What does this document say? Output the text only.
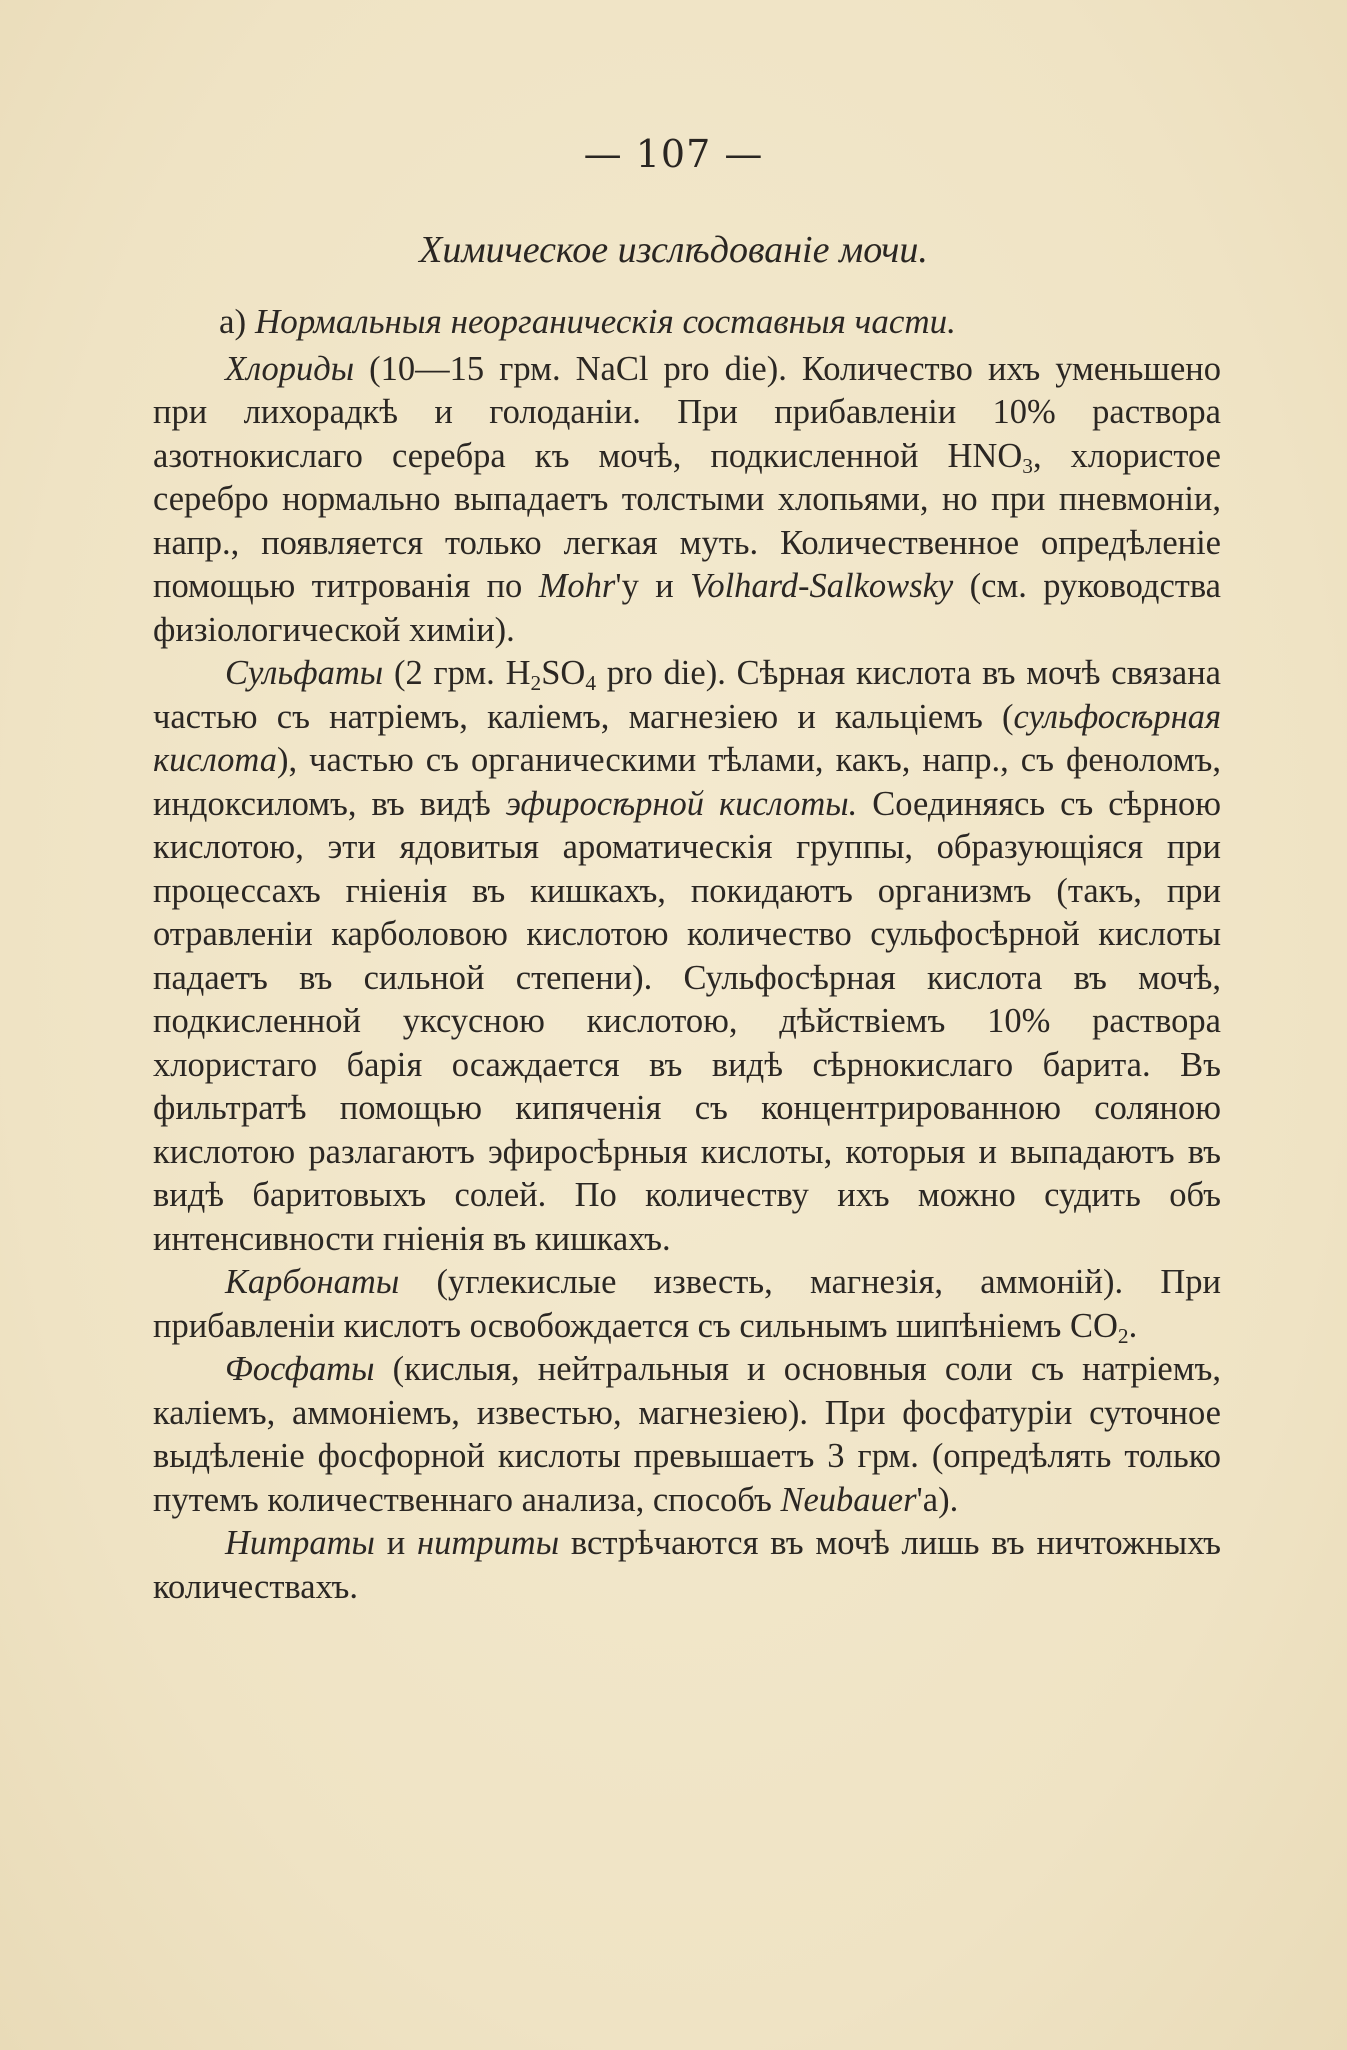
— 107 —
Химическое изслѣдованіе мочи.

a) Нормальныя неорганическія составныя части.

Хлориды (10—15 грм. NaCl pro die). Количество ихъ уменьшено при лихорадкѣ и голоданіи. При прибавленіи 10% раствора азотнокислаго серебра къ мочѣ, подкисленной $HNO_3$, хлористое серебро нормально выпадаетъ толстыми хлопьями, но при пневмоніи, напр., появляется только легкая муть. Количественное опредѣленіе помощью титрованія по Mohr'у и Volhard-Salkowsky (см. руководства физіологической химіи).

Сульфаты (2 грм. $H_2SO_4$ pro die). Сѣрная кислота въ мочѣ связана частью съ натріемъ, каліемъ, магнезіею и кальціемъ (сульфосѣрная кислота), частью съ органическими тѣлами, какъ, напр., съ феноломъ, индоксиломъ, въ видѣ эфиросѣрной кислоты. Соединяясь съ сѣрною кислотою, эти ядовитыя ароматическія группы, образующіяся при процессахъ гніенія въ кишкахъ, покидаютъ организмъ (такъ, при отравленіи карболовою кислотою количество сульфосѣрной кислоты падаетъ въ сильной степени). Сульфосѣрная кислота въ мочѣ, подкисленной уксусною кислотою, дѣйствіемъ 10% раствора хлористаго барія осаждается въ видѣ сѣрнокислаго барита. Въ фильтратѣ помощью кипяченія съ концентрированною соляною кислотою разлагаютъ эфиросѣрныя кислоты, которыя и выпадаютъ въ видѣ баритовыхъ солей. По количеству ихъ можно судить объ интенсивности гніенія въ кишкахъ.

Карбонаты (углекислые известь, магнезія, аммоній). При прибавленіи кислотъ освобождается съ сильнымъ шипѣніемъ $CO_2$.

Фосфаты (кислыя, нейтральныя и основныя соли съ натріемъ, каліемъ, аммоніемъ, известью, магнезіею). При фосфатуріи суточное выдѣленіе фосфорной кислоты превышаетъ 3 грм. (опредѣлять только путемъ количественнаго анализа, способъ Neubauer'а).

Нитраты и нитриты встрѣчаются въ мочѣ лишь въ ничтожныхъ количествахъ.
